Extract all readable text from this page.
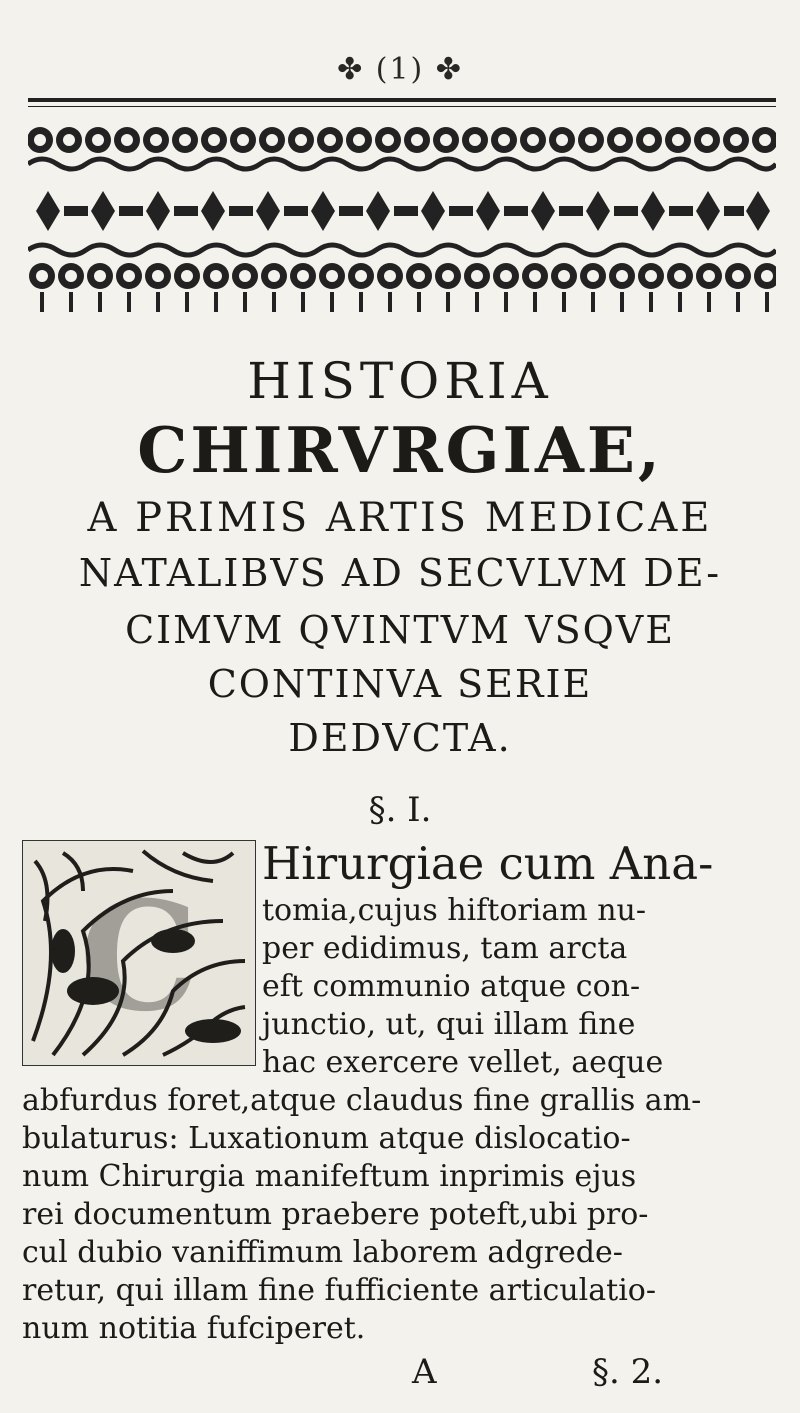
✤ (1) ✤
HISTORIA
CHIRVRGIAE,
A PRIMIS ARTIS MEDICAE
NATALIBVS AD SECVLVM DE-
CIMVM QVINTVM VSQVE
CONTINVA SERIE
DEDVCTA.
§. I.
C
Hirurgiae cum Ana-
tomia,cujus hiftoriam nu-
per edidimus, tam arcta
eft communio atque con-
junctio, ut, qui illam fine
hac exercere vellet, aeque
abfurdus foret,atque claudus fine grallis am-
bulaturus: Luxationum atque dislocatio-
num Chirurgia manifeftum inprimis ejus
rei documentum praebere poteft,ubi pro-
cul dubio vaniffimum laborem adgrede-
retur, qui illam fine fufficiente articulatio-
num notitia fufciperet.
A	§. 2.
